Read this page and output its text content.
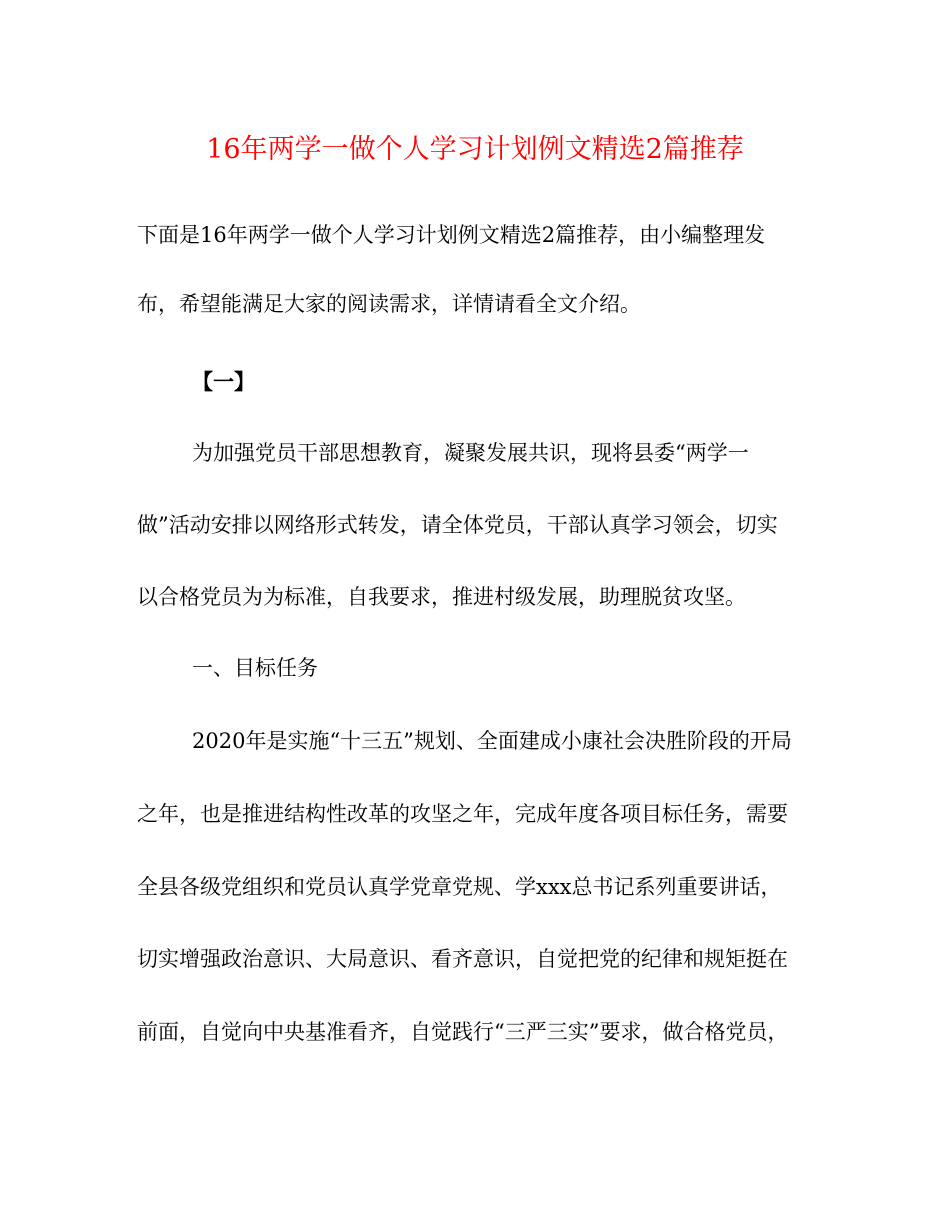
16年两学一做个人学习计划例文精选2篇推荐
下面是16年两学一做个人学习计划例文精选2篇推荐，由小编整理发
布，希望能满足大家的阅读需求，详情请看全文介绍。
【一】
为加强党员干部思想教育，凝聚发展共识，现将县委“两学一
做”活动安排以网络形式转发，请全体党员，干部认真学习领会，切实
以合格党员为为标准，自我要求，推进村级发展，助理脱贫攻坚。
一、目标任务
2020年是实施“十三五”规划、全面建成小康社会决胜阶段的开局
之年，也是推进结构性改革的攻坚之年，完成年度各项目标任务，需要
全县各级党组织和党员认真学党章党规、学xxx总书记系列重要讲话，
切实增强政治意识、大局意识、看齐意识，自觉把党的纪律和规矩挺在
前面，自觉向中央基准看齐，自觉践行“三严三实”要求，做合格党员，
